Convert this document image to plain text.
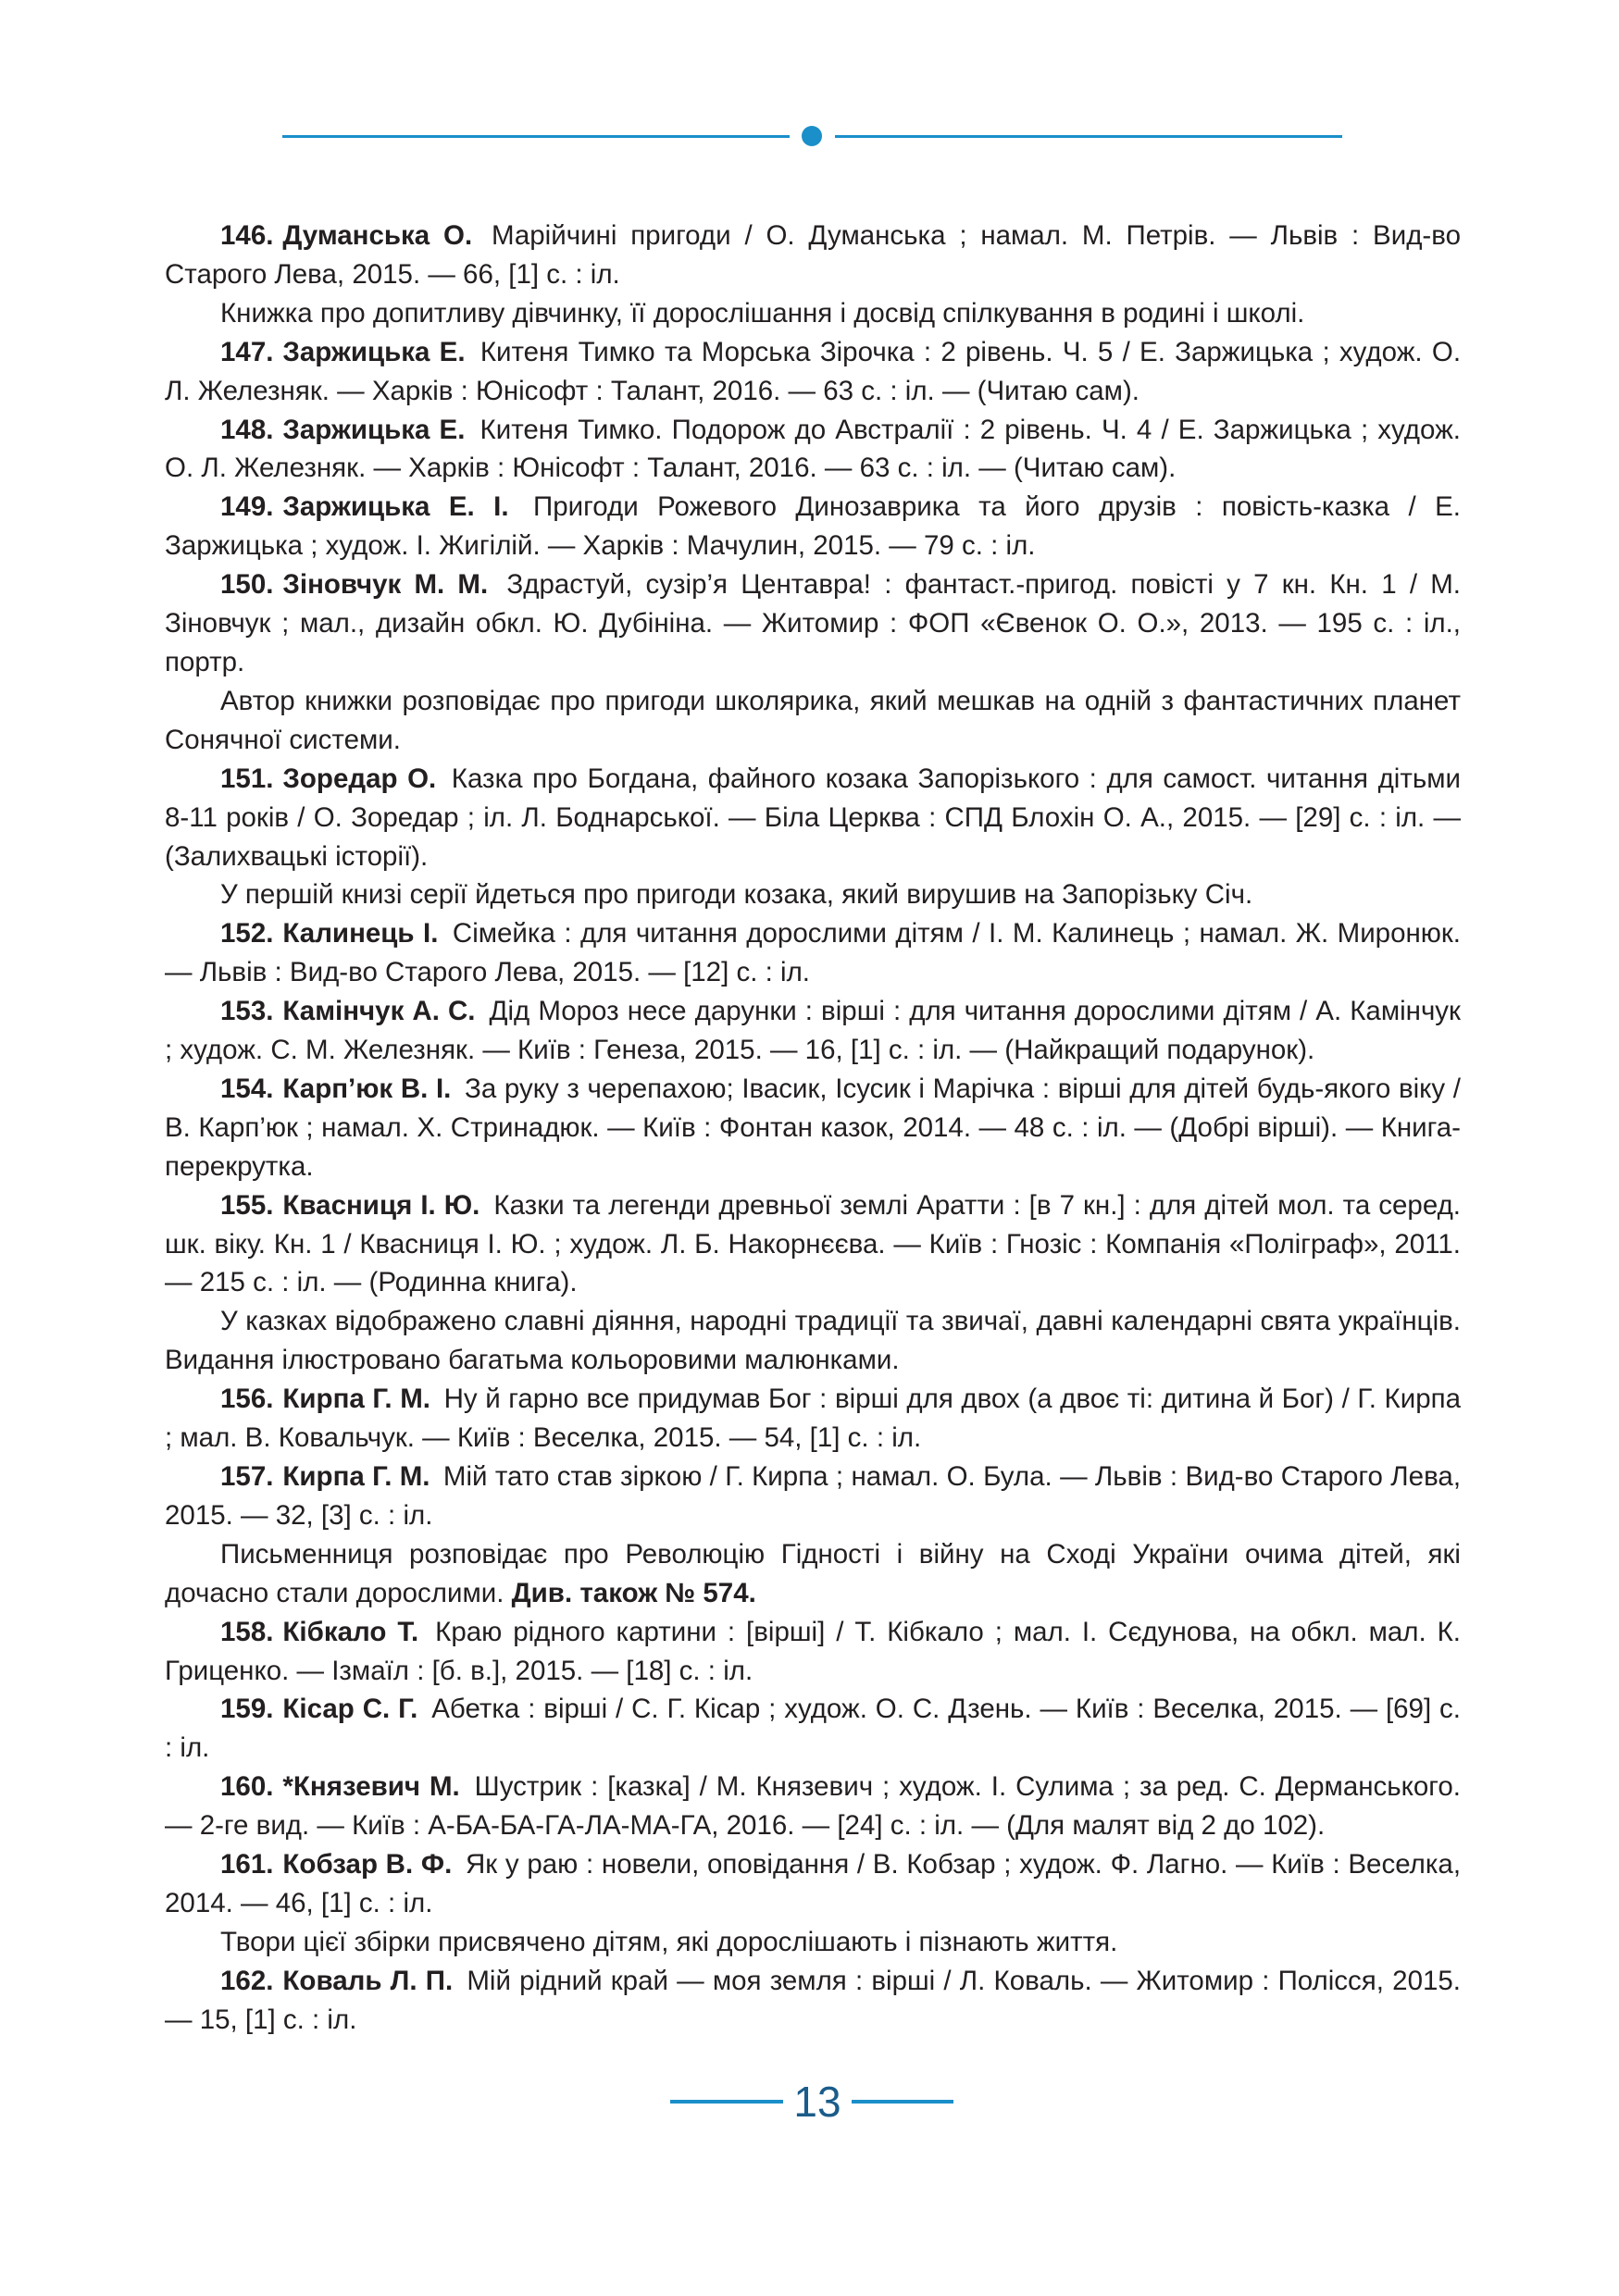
146. Думанська О. Марійчині пригоди / О. Думанська ; намал. М. Петрів. — Львів : Вид-во Старого Лева, 2015. — 66, [1] с. : іл.

Книжка про допитливу дівчинку, її дорослішання і досвід спілкування в родині і школі.

147. Заржицька Е. Китеня Тимко та Морська Зірочка : 2 рівень. Ч. 5 / Е. Заржицька ; худож. О. Л. Железняк. — Харків : Юнісофт : Талант, 2016. — 63 с. : іл. — (Читаю сам).

148. Заржицька Е. Китеня Тимко. Подорож до Австралії : 2 рівень. Ч. 4 / Е. Заржицька ; худож. О. Л. Железняк. — Харків : Юнісофт : Талант, 2016. — 63 с. : іл. — (Читаю сам).

149. Заржицька Е. І. Пригоди Рожевого Динозаврика та його друзів : повість-казка / Е. Заржицька ; худож. І. Жигілій. — Харків : Мачулин, 2015. — 79 с. : іл.

150. Зіновчук М. М. Здрастуй, сузір’я Центавра! : фантаст.-пригод. повісті у 7 кн. Кн. 1 / М. Зіновчук ; мал., дизайн обкл. Ю. Дубініна. — Житомир : ФОП «Євенок О. О.», 2013. — 195 с. : іл., портр.

Автор книжки розповідає про пригоди школярика, який мешкав на одній з фантастичних планет Сонячної системи.

151. Зоредар О. Казка про Богдана, файного козака Запорізького : для самост. читання дітьми 8-11 років / О. Зоредар ; іл. Л. Боднарської. — Біла Церква : СПД Блохін О. А., 2015. — [29] с. : іл. — (Залихвацькі історії).

У першій книзі серії йдеться про пригоди козака, який вирушив на Запорізьку Січ.

152. Калинець І. Сімейка : для читання дорослими дітям / І. М. Калинець ; намал. Ж. Миронюк. — Львів : Вид-во Старого Лева, 2015. — [12] с. : іл.

153. Камінчук А. С. Дід Мороз несе дарунки : вірші : для читання дорослими дітям / А. Камінчук ; худож. С. М. Железняк. — Київ : Генеза, 2015. — 16, [1] с. : іл. — (Найкращий подарунок).

154. Карп’юк В. І. За руку з черепахою; Івасик, Ісусик і Марічка : вірші для дітей будь-якого віку / В. Карп’юк ; намал. Х. Стринадюк. — Київ : Фонтан казок, 2014. — 48 с. : іл. — (Добрі вірші). — Книга-перекрутка.

155. Квасниця І. Ю. Казки та легенди древньої землі Аратти : [в 7 кн.] : для дітей мол. та серед. шк. віку. Кн. 1 / Квасниця І. Ю. ; худож. Л. Б. Накорнєєва. — Київ : Гнозіс : Компанія «Поліграф», 2011. — 215 с. : іл. — (Родинна книга).

У казках відображено славні діяння, народні традиції та звичаї, давні календарні свята українців. Видання ілюстровано багатьма кольоровими малюнками.

156. Кирпа Г. М. Ну й гарно все придумав Бог : вірші для двох (а двоє ті: дитина й Бог) / Г. Кирпа ; мал. В. Ковальчук. — Київ : Веселка, 2015. — 54, [1] с. : іл.

157. Кирпа Г. М. Мій тато став зіркою / Г. Кирпа ; намал. О. Була. — Львів : Вид-во Старого Лева, 2015. — 32, [3] с. : іл.

Письменниця розповідає про Революцію Гідності і війну на Сході України очима дітей, які дочасно стали дорослими. Див. також № 574.

158. Кібкало Т. Краю рідного картини : [вірші] / Т. Кібкало ; мал. І. Сєдунова, на обкл. мал. К. Гриценко. — Ізмаїл : [б. в.], 2015. — [18] с. : іл.

159. Кісар С. Г. Абетка : вірші / С. Г. Кісар ; худож. О. С. Дзень. — Київ : Веселка, 2015. — [69] с. : іл.

160. *Князевич М. Шустрик : [казка] / М. Князевич ; худож. І. Сулима ; за ред. С. Дерманського. — 2-ге вид. — Київ : А-БА-БА-ГА-ЛА-МА-ГА, 2016. — [24] с. : іл. — (Для малят від 2 до 102).

161. Кобзар В. Ф. Як у раю : новели, оповідання / В. Кобзар ; худож. Ф. Лагно. — Київ : Веселка, 2014. — 46, [1] с. : іл.

Твори цієї збірки присвячено дітям, які дорослішають і пізнають життя.

162. Коваль Л. П. Мій рідний край — моя земля : вірші / Л. Коваль. — Житомир : Полісся, 2015. — 15, [1] с. : іл.

13
